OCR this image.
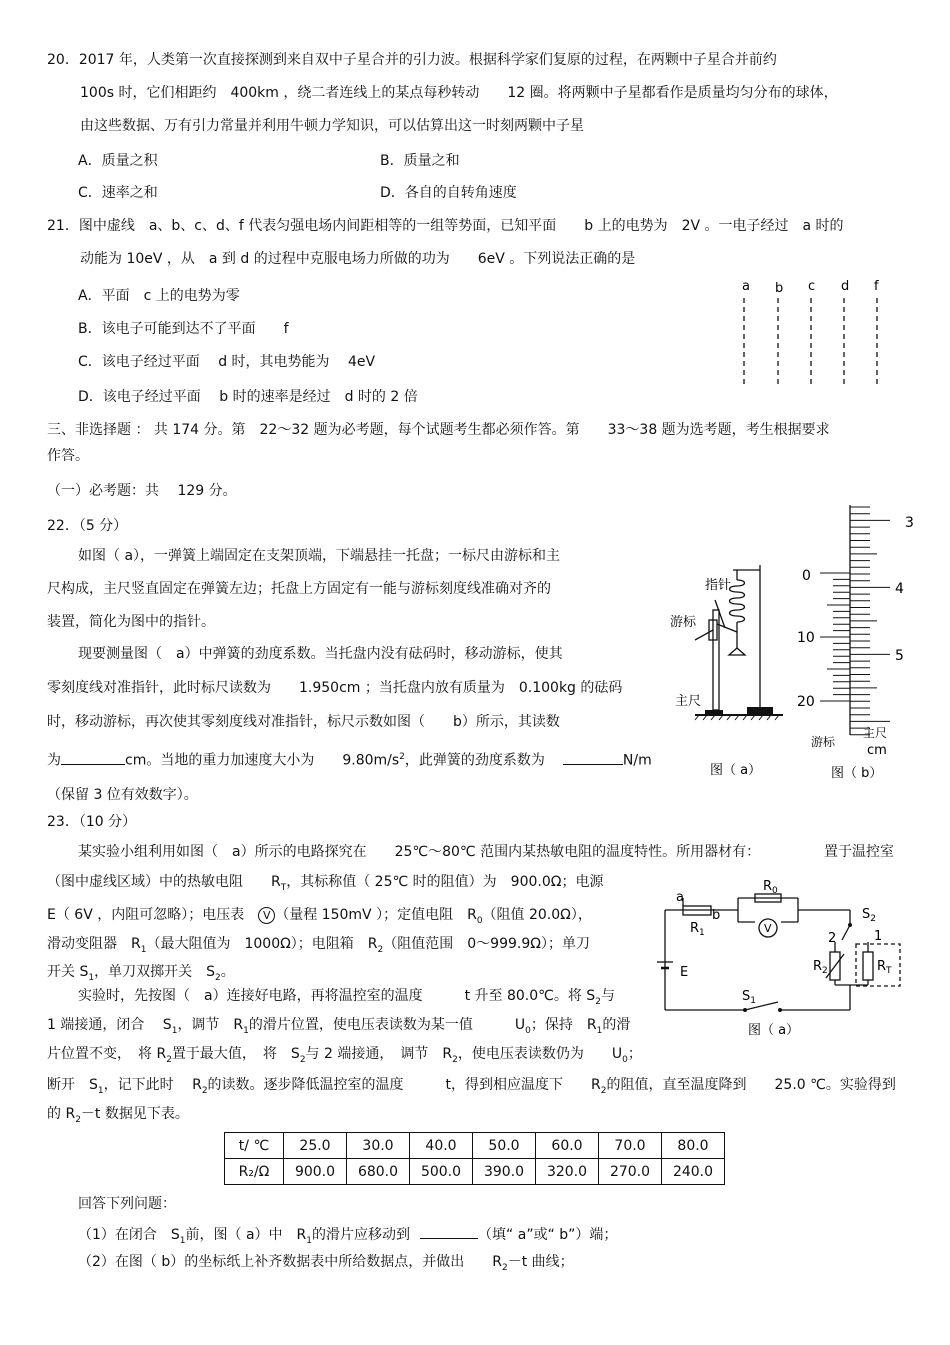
20．2017 年，人类第一次直接探测到来自双中子星合并的引力波。根据科学家们复原的过程，在两颗中子星合并前约
100s 时，它们相距约　400km ，绕二者连线上的某点每秒转动　　12 圈。将两颗中子星都看作是质量均匀分布的球体，
由这些数据、万有引力常量并利用牛顿力学知识，可以估算出这一时刻两颗中子星
A．质量之积	B．质量之和
C．速率之和	D．各自的自转角速度
21．图中虚线　a、b、c、d、f 代表匀强电场内间距相等的一组等势面，已知平面　　b 上的电势为　2V 。一电子经过　a 时的
动能为 10eV ，从　a 到 d 的过程中克服电场力所做的功为　　6eV 。下列说法正确的是
A．平面　c 上的电势为零
B．该电子可能到达不了平面　　f
C．该电子经过平面　 d 时，其电势能为　 4eV
D．该电子经过平面　 b 时的速率是经过　d 时的 2 倍
a b c d f
三、非选择题 ： 共 174 分。第　22～32 题为必考题，每个试题考生都必须作答。第　　33～38 题为选考题，考生根据要求
作答。
（一）必考题：共　 129 分。
22．（5 分）
如图（ a），一弹簧上端固定在支架顶端，下端悬挂一托盘；一标尺由游标和主
尺构成，主尺竖直固定在弹簧左边；托盘上方固定有一能与游标刻度线准确对齐的
装置，简化为图中的指针。
现要测量图（　a）中弹簧的劲度系数。当托盘内没有砝码时，移动游标，使其
零刻度线对准指针，此时标尺读数为　　1.950cm ；当托盘内放有质量为　0.100kg 的砝码
时，移动游标，再次使其零刻度线对准指针，标尺示数如图（　　b）所示，其读数
为	cm。当地的重力加速度大小为　　$9.80m/s^2$，此弹簧的劲度系数为	N/m
（保留 3 位有效数字）。
指针
游标
主尺
图（ a）
3
4
5
0
10
20
游标
主尺
cm
图（ b）
23．（10 分）
某实验小组利用如图（　a）所示的电路探究在　　25℃～80℃ 范围内某热敏电阻的温度特性。所用器材有：	置于温控室
（图中虚线区域）中的热敏电阻　　$R_T$，其标称值（ 25℃ 时的阻值）为　900.0Ω；电源
E（ 6V ，内阻可忽略）；电压表　V （量程 150mV ）；定值电阻　$R_0$（阻值 20.0Ω），
滑动变阻器　$R_1$（最大阻值为　1000Ω）；电阻箱　$R_2$（阻值范围　0～999.9Ω）；单刀
开关 $S_1$，单刀双掷开关　$S_2$。
实验时，先按图（　a）连接好电路，再将温控室的温度　　　t 升至 80.0℃。将 $S_2$与
1 端接通，闭合　 $S_1$，调节　$R_1$的滑片位置，使电压表读数为某一值　　　$U_0$；保持　$R_1$的滑
片位置不变，　将 $R_2$置于最大值，　将　$S_2$与 2 端接通，　调节　$R_2$，使电压表读数仍为　　$U_0$；
断开　$S_1$，记下此时　 $R_2$的读数。逐步降低温控室的温度　　　t，得到相应温度下　　$R_2$的阻值，直至温度降到　　25.0 ℃。实验得到
的 $R_2-t$ 数据见下表。
$R_0$
a
b
$R_1$	V
$S_2$
2	1
$R_2$	$R_T$
E
$S_1$
图（ a）
t/ ℃	25.0	30.0	40.0	50.0	60.0	70.0	80.0
R₂/Ω	900.0	680.0	500.0	390.0	320.0	270.0	240.0
回答下列问题：
（1）在闭合　$S_1$前，图（ a）中　$R_1$的滑片应移动到	（填“ a”或“ b”）端；
（2）在图（ b）的坐标纸上补齐数据表中所给数据点，并做出　　$R_2-t$ 曲线；
